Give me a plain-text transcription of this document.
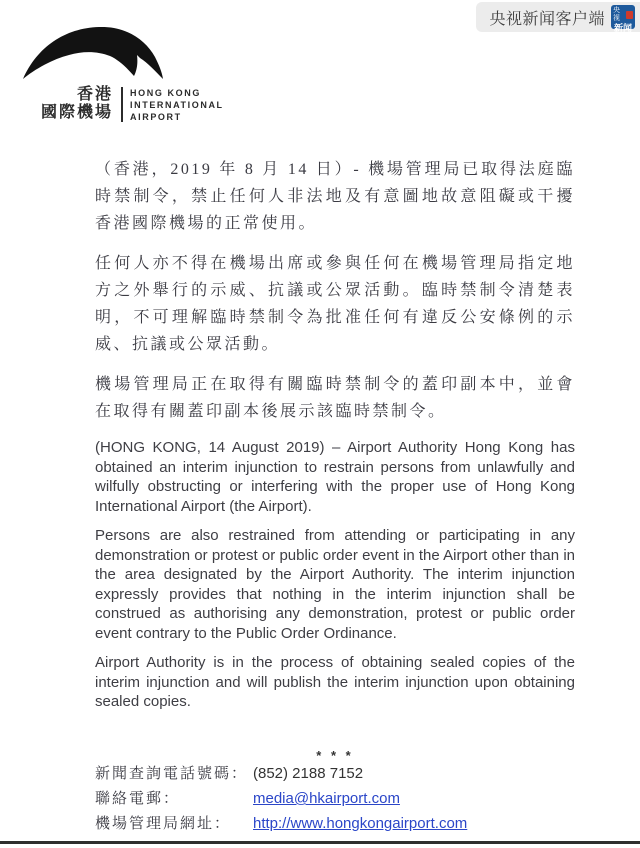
央视新闻客户端 央视
新闻
香港
國際機場
HONG KONG
INTERNATIONAL
AIRPORT

（香港，2019 年 8 月 14 日）- 機場管理局已取得法庭臨時禁制令，禁止任何人非法地及有意圖地故意阻礙或干擾香港國際機場的正常使用。

任何人亦不得在機場出席或參與任何在機場管理局指定地方之外舉行的示威、抗議或公眾活動。臨時禁制令清楚表明，不可理解臨時禁制令為批准任何有違反公安條例的示威、抗議或公眾活動。

機場管理局正在取得有關臨時禁制令的蓋印副本中，並會在取得有關蓋印副本後展示該臨時禁制令。

(HONG KONG, 14 August 2019) – Airport Authority Hong Kong has obtained an interim injunction to restrain persons from unlawfully and wilfully obstructing or interfering with the proper use of Hong Kong International Airport (the Airport).

Persons are also restrained from attending or participating in any demonstration or protest or public order event in the Airport other than in the area designated by the Airport Authority. The interim injunction expressly provides that nothing in the interim injunction shall be construed as authorising any demonstration, protest or public order event contrary to the Public Order Ordinance.

Airport Authority is in the process of obtaining sealed copies of the interim injunction and will publish the interim injunction upon obtaining sealed copies.

* * *
新聞查詢電話號碼： (852) 2188 7152
聯絡電郵：	media@hkairport.com
機場管理局網址：	http://www.hongkongairport.com
